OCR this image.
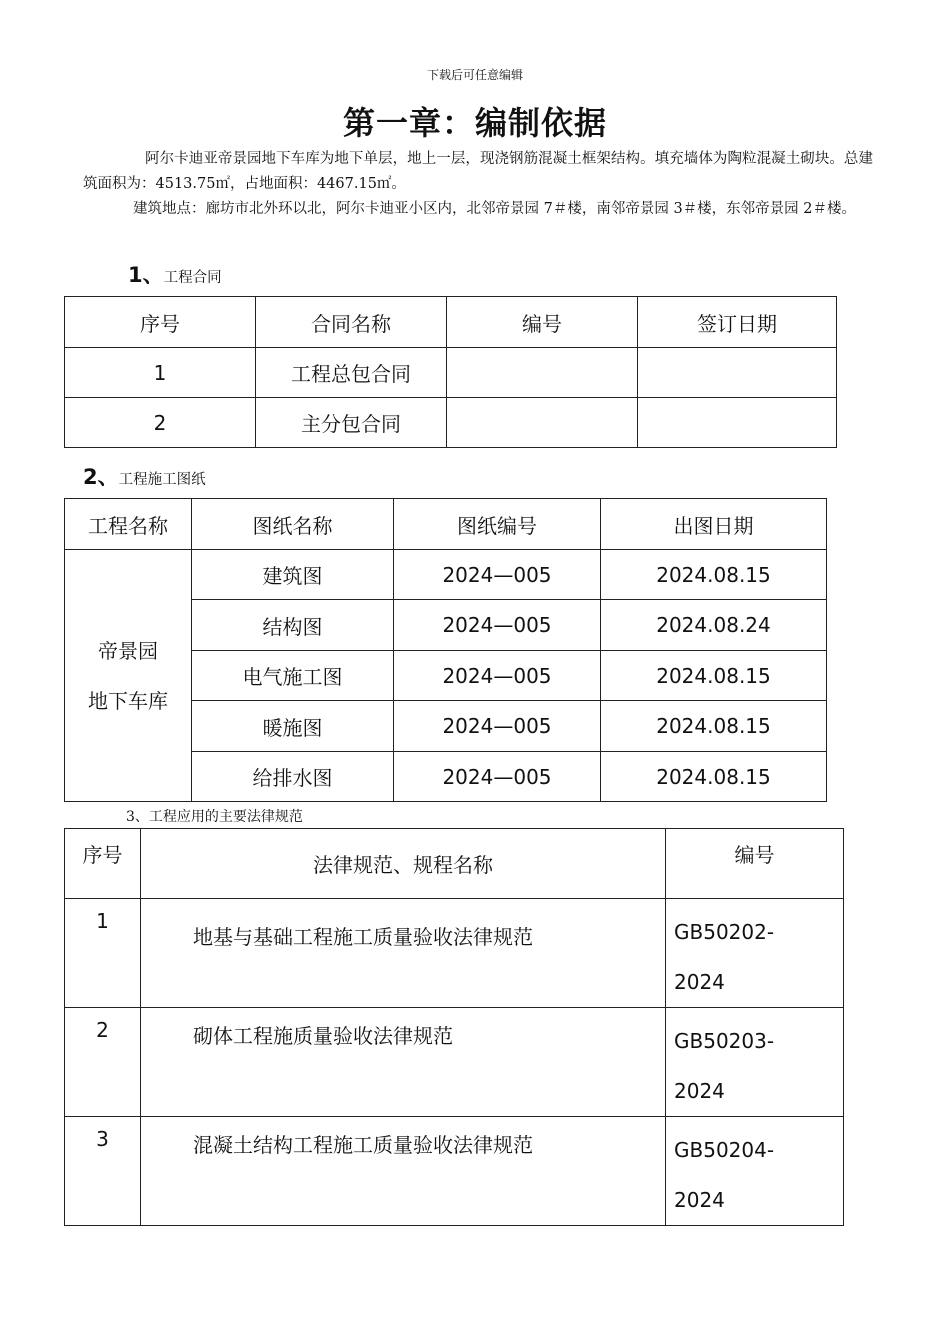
下载后可任意编辑
第一章：编制依据
阿尔卡迪亚帝景园地下车库为地下单层，地上一层，现浇钢筋混凝土框架结构。填充墙体为陶粒混凝土砌块。总建筑面积为：4513.75㎡，占地面积：4467.15㎡。
建筑地点：廊坊市北外环以北，阿尔卡迪亚小区内，北邻帝景园 7＃楼，南邻帝景园 3＃楼，东邻帝景园 2＃楼。
1、工程合同
序号	合同名称	编号	签订日期
1	工程总包合同		
2	主分包合同		
2、工程施工图纸
工程名称	图纸名称	图纸编号	出图日期

帝景园
地下车库	建筑图	2024—005	2024.08.15
	结构图	2024—005	2024.08.24
	电气施工图	2024—005	2024.08.15
	暖施图	2024—005	2024.08.15
	给排水图	2024—005	2024.08.15
3、工程应用的主要法律规范
序号	法律规范、规程名称	编号
1	地基与基础工程施工质量验收法律规范	GB50202-
2024

2	砌体工程施质量验收法律规范	GB50203-
2024

3	混凝土结构工程施工质量验收法律规范	GB50204-
2024
